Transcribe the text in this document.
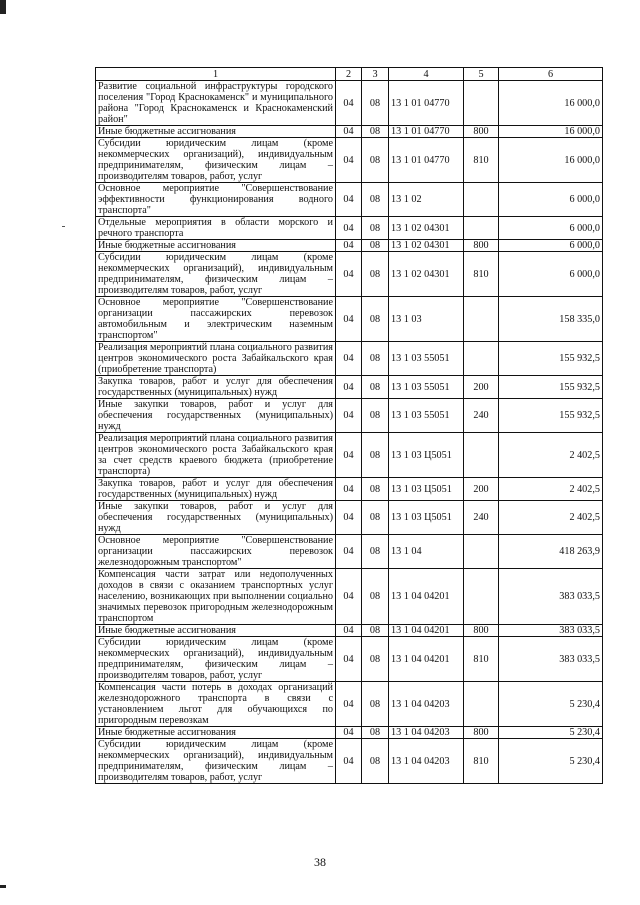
1	2	3	4	5	6
Развитие социальной инфраструктуры городского поселения "Город Краснокаменск" и муниципального района "Город Краснокаменск и Краснокаменский район"	04	08	13 1 01 04770		16 000,0
Иные бюджетные ассигнования	04	08	13 1 01 04770	800	16 000,0
Субсидии юридическим лицам (кроме некоммерческих организаций), индивидуальным предпринимателям, физическим лицам – производителям товаров, работ, услуг	04	08	13 1 01 04770	810	16 000,0
Основное мероприятие "Совершенствование эффективности функционирования водного транспорта"	04	08	13 1 02		6 000,0
Отдельные мероприятия в области морского и речного транспорта	04	08	13 1 02 04301		6 000,0
Иные бюджетные ассигнования	04	08	13 1 02 04301	800	6 000,0
Субсидии юридическим лицам (кроме некоммерческих организаций), индивидуальным предпринимателям, физическим лицам – производителям товаров, работ, услуг	04	08	13 1 02 04301	810	6 000,0
Основное мероприятие "Совершенствование организации пассажирских перевозок автомобильным и электрическим наземным транспортом"	04	08	13 1 03		158 335,0
Реализация мероприятий плана социального развития центров экономического роста Забайкальского края (приобретение транспорта)	04	08	13 1 03 55051		155 932,5
Закупка товаров, работ и услуг для обеспечения государственных (муниципальных) нужд	04	08	13 1 03 55051	200	155 932,5
Иные закупки товаров, работ и услуг для обеспечения государственных (муниципальных) нужд	04	08	13 1 03 55051	240	155 932,5
Реализация мероприятий плана социального развития центров экономического роста Забайкальского края за счет средств краевого бюджета (приобретение транспорта)	04	08	13 1 03 Ц5051		2 402,5
Закупка товаров, работ и услуг для обеспечения государственных (муниципальных) нужд	04	08	13 1 03 Ц5051	200	2 402,5
Иные закупки товаров, работ и услуг для обеспечения государственных (муниципальных) нужд	04	08	13 1 03 Ц5051	240	2 402,5
Основное мероприятие "Совершенствование организации пассажирских перевозок железнодорожным транспортом"	04	08	13 1 04		418 263,9
Компенсация части затрат или недополученных доходов в связи с оказанием транспортных услуг населению, возникающих при выполнении социально значимых перевозок пригородным железнодорожным транспортом	04	08	13 1 04 04201		383 033,5
Иные бюджетные ассигнования	04	08	13 1 04 04201	800	383 033,5
Субсидии юридическим лицам (кроме некоммерческих организаций), индивидуальным предпринимателям, физическим лицам – производителям товаров, работ, услуг	04	08	13 1 04 04201	810	383 033,5
Компенсация части потерь в доходах организаций железнодорожного транспорта в связи с установлением льгот для обучающихся по пригородным перевозкам	04	08	13 1 04 04203		5 230,4
Иные бюджетные ассигнования	04	08	13 1 04 04203	800	5 230,4
Субсидии юридическим лицам (кроме некоммерческих организаций), индивидуальным предпринимателям, физическим лицам – производителям товаров, работ, услуг	04	08	13 1 04 04203	810	5 230,4
38
